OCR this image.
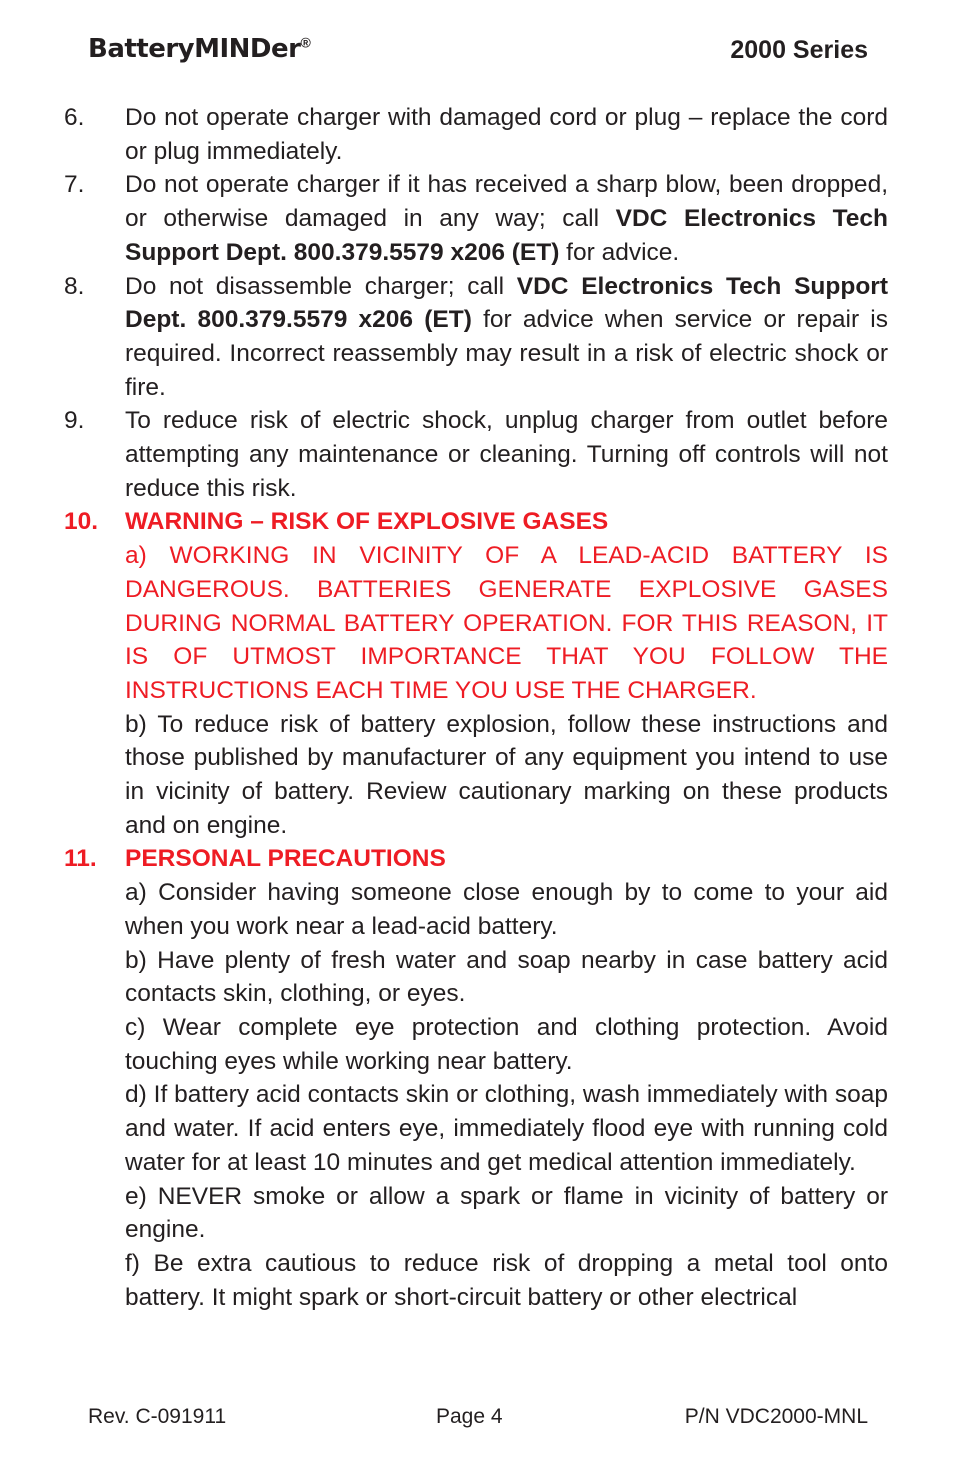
BatteryMINDer®	2000 Series
6.	Do not operate charger with damaged cord or plug – replace the cord or plug immediately.

7.	Do not operate charger if it has received a sharp blow, been dropped, or otherwise damaged in any way; call VDC Electronics Tech Support Dept. 800.379.5579 x206 (ET) for advice.

8.	Do not disassemble charger; call VDC Electronics Tech Support Dept. 800.379.5579 x206 (ET) for advice when service or repair is required. Incorrect reassembly may result in a risk of electric shock or fire.

9.	To reduce risk of electric shock, unplug charger from outlet before attempting any maintenance or cleaning. Turning off controls will not reduce this risk.

10.	WARNING – RISK OF EXPLOSIVE GASES

a) WORKING IN VICINITY OF A LEAD-ACID BATTERY IS DANGEROUS. BATTERIES GENERATE EXPLOSIVE GASES DURING NORMAL BATTERY OPERATION. FOR THIS REASON, IT IS OF UTMOST IMPORTANCE THAT YOU FOLLOW THE INSTRUCTIONS EACH TIME YOU USE THE CHARGER.

b) To reduce risk of battery explosion, follow these instructions and those published by manufacturer of any equipment you intend to use in vicinity of battery. Review cautionary marking on these products and on engine.

11.	PERSONAL PRECAUTIONS

a) Consider having someone close enough by to come to your aid when you work near a lead-acid battery.

b) Have plenty of fresh water and soap nearby in case battery acid contacts skin, clothing, or eyes.

c) Wear complete eye protection and clothing protection. Avoid touching eyes while working near battery.

d) If battery acid contacts skin or clothing, wash immediately with soap and water. If acid enters eye, immediately flood eye with running cold water for at least 10 minutes and get medical attention immediately.

e) NEVER smoke or allow a spark or flame in vicinity of battery or engine.

f) Be extra cautious to reduce risk of dropping a metal tool onto battery. It might spark or short-circuit battery or other electrical

Rev. C-091911	Page 4	P/N VDC2000-MNL
